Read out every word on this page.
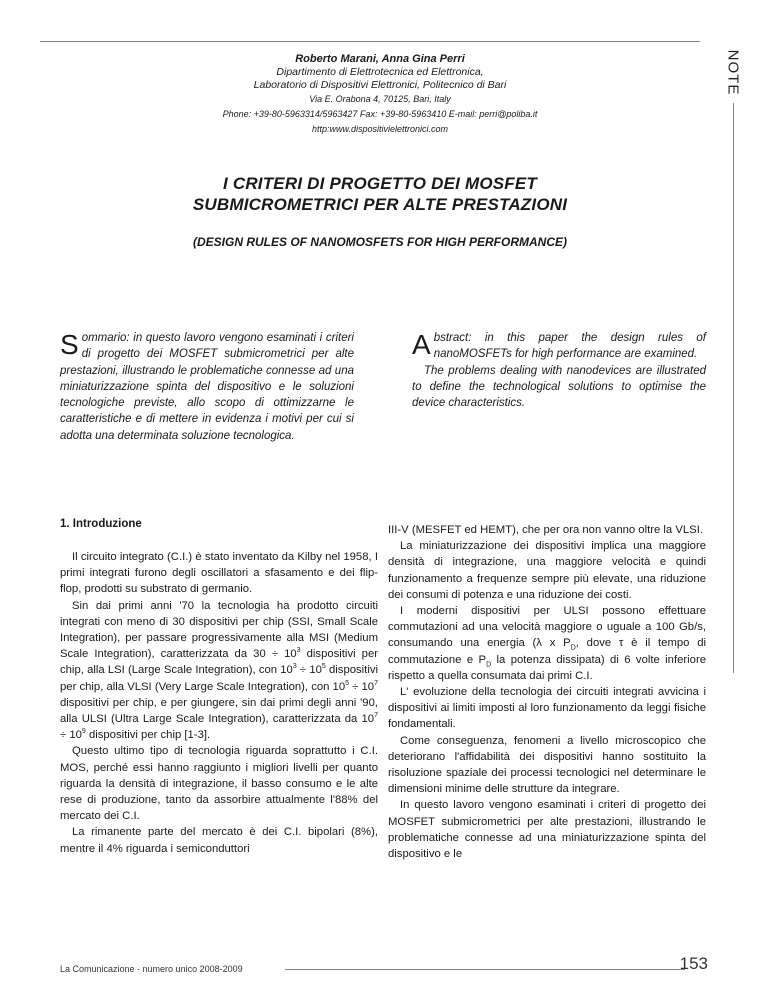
NOTE
Roberto Marani, Anna Gina Perri
Dipartimento di Elettrotecnica ed Elettronica,
Laboratorio di Dispositivi Elettronici, Politecnico di Bari
Via E. Orabona 4, 70125, Bari, Italy
Phone: +39-80-5963314/5963427 Fax: +39-80-5963410 E-mail: perri@poliba.it
http:www.dispositivielettronici.com
I CRITERI DI PROGETTO DEI MOSFET
SUBMICROMETRICI PER ALTE PRESTAZIONI
(DESIGN RULES OF NANOMOSFETS FOR HIGH PERFORMANCE)

Sommario: in questo lavoro vengono esaminati i criteri di progetto dei MOSFET submicrometrici per alte prestazioni, illustrando le problematiche connesse ad una miniaturizzazione spinta del dispositivo e le soluzioni tecnologiche previste, allo scopo di ottimizzarne le caratteristiche e di mettere in evidenza i motivi per cui si adotta una determinata soluzione tecnologica.

Abstract: in this paper the design rules of nanoMOSFETs for high performance are examined.

The problems dealing with nanodevices are illustrated to define the technological solutions to optimise the device characteristics.

1. Introduzione

Il circuito integrato (C.I.) è stato inventato da Kilby nel 1958, I primi integrati furono degli oscillatori a sfasamento e dei flip-flop, prodotti su substrato di germanio.

Sin dai primi anni '70 la tecnologia ha prodotto circuiti integrati con meno di 30 dispositivi per chip (SSI, Small Scale Integration), per passare progressivamente alla MSI (Medium Scale Integration), caratterizzata da $30 \div 10^3$ dispositivi per chip, alla LSI (Large Scale Integration), con $10^3 \div 10^5$ dispositivi per chip, alla VLSI (Very Large Scale Integration), con $10^5 \div 10^7$ dispositivi per chip, e per giungere, sin dai primi degli anni '90, alla ULSI (Ultra Large Scale Integration), caratterizzata da $10^7 \div 10^9$ dispositivi per chip [1-3].

Questo ultimo tipo di tecnologia riguarda soprattutto i C.I. MOS, perché essi hanno raggiunto i migliori livelli per quanto riguarda la densità di integrazione, il basso consumo e le alte rese di produzione, tanto da assorbire attualmente l'88% del mercato dei C.I.

La rimanente parte del mercato è dei C.I. bipolari (8%), mentre il 4% riguarda i semiconduttori

III-V (MESFET ed HEMT), che per ora non vanno oltre la VLSI.

La miniaturizzazione dei dispositivi implica una maggiore densità di integrazione, una maggiore velocità e quindi funzionamento a frequenze sempre più elevate, una riduzione dei consumi di potenza e una riduzione dei costi.

I moderni dispositivi per ULSI possono effettuare commutazioni ad una velocità maggiore o uguale a 100 Gb/s, consumando una energia (λ x $P_D$, dove τ è il tempo di commutazione e $P_D$ la potenza dissipata) di 6 volte inferiore rispetto a quella consumata dai primi C.I.

L' evoluzione della tecnologia dei circuiti integrati avvicina i dispositivi ai limiti imposti al loro funzionamento da leggi fisiche fondamentali.

Come conseguenza, fenomeni a livello microscopico che deteriorano l'affidabilità dei dispositivi hanno sostituito la risoluzione spaziale dei processi tecnologici nel determinare le dimensioni minime delle strutture da integrare.

In questo lavoro vengono esaminati i criteri di progetto dei MOSFET submicrometrici per alte prestazioni, illustrando le problematiche connesse ad una miniaturizzazione spinta del dispositivo e le

La Comunicazione - numero unico 2008-2009	153
